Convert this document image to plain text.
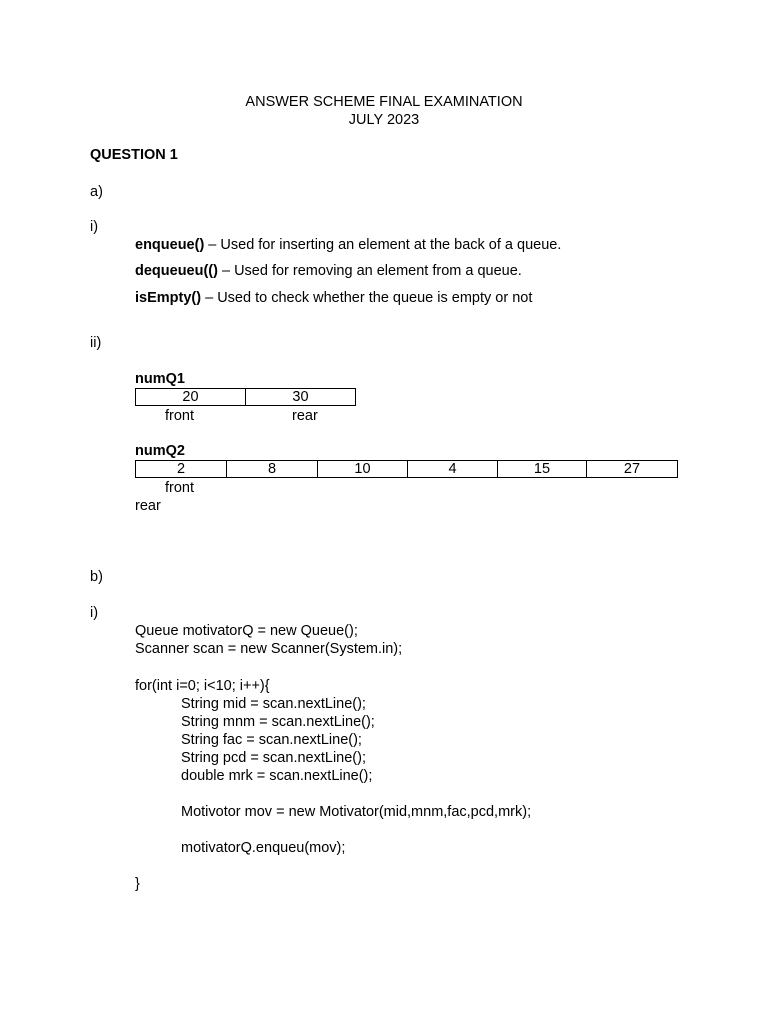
ANSWER SCHEME FINAL EXAMINATION
JULY 2023
QUESTION 1
a)
i)
enqueue() – Used for inserting an element at the back of a queue.
dequeueu(() – Used for removing an element from a queue.
isEmpty() – Used to check whether the queue is empty or not
ii)
numQ1
20	30
front	rear
numQ2
2	8	10	4	15	27
front
rear
b)
i)
Queue motivatorQ = new Queue();
Scanner scan = new Scanner(System.in);
for(int i=0; i<10; i++){
String mid = scan.nextLine();
String mnm = scan.nextLine();
String fac = scan.nextLine();
String pcd = scan.nextLine();
double mrk = scan.nextLine();
Motivotor mov = new Motivator(mid,mnm,fac,pcd,mrk);
motivatorQ.enqueu(mov);
}
